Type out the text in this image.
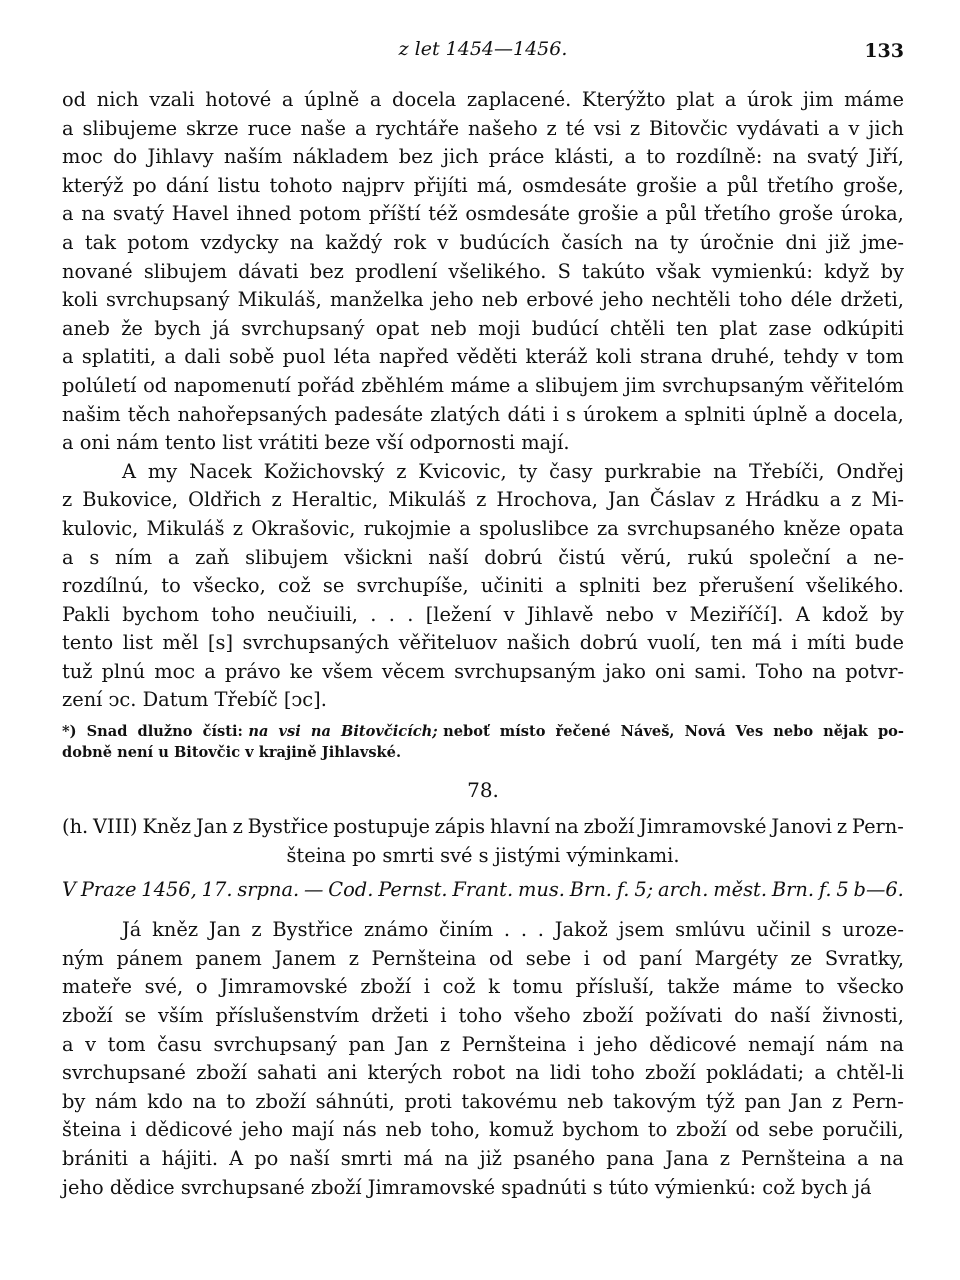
z let 1454—1456.	133
od nich vzali hotové a úplně a docela zaplacené. Kterýžto plat a úrok jim máme
a slibujeme skrze ruce naše a rychtáře našeho z té vsi z Bitovčic vydávati a v jich
moc do Jihlavy naším nákladem bez jich práce klásti, a to rozdílně: na svatý Jiří,
kterýž po dání listu tohoto najprv přijíti má, osmdesáte grošie a půl třetího groše,
a na svatý Havel ihned potom příští též osmdesáte grošie a půl třetího groše úroka,
a tak potom vzdycky na každý rok v budúcích časích na ty úročnie dni již jme-
nované slibujem dávati bez prodlení všelikého. S takúto však vymienkú: když by
koli svrchupsaný Mikuláš, manželka jeho neb erbové jeho nechtěli toho déle držeti,
aneb že bych já svrchupsaný opat neb moji budúcí chtěli ten plat zase odkúpiti
a splatiti, a dali sobě puol léta napřed věděti kteráž koli strana druhé, tehdy v tom
polúletí od napomenutí pořád zběhlém máme a slibujem jim svrchupsaným věřitelóm
našim těch nahořepsaných padesáte zlatých dáti i s úrokem a splniti úplně a docela,
a oni nám tento list vrátiti beze vší odpornosti mají.
A my Nacek Kožichovský z Kvicovic, ty časy purkrabie na Třebíči, Ondřej
z Bukovice, Oldřich z Heraltic, Mikuláš z Hrochova, Jan Čáslav z Hrádku a z Mi-
kulovic, Mikuláš z Okrašovic, rukojmie a spoluslibce za svrchupsaného kněze opata
a s ním a zaň slibujem všicknі naší dobrú čistú věrú, rukú společní a ne-
rozdílnú, to všecko, což se svrchupíše, učiniti a splniti bez přerušení všelikého.
Pakli bychom toho neučiuili, . . . [ležení v Jihlavě nebo v Meziříčí]. A kdož by
tento list měl [s] svrchupsaných věřiteluov našich dobrú vuolí, ten má i míti bude
tuž plnú moc a právo ke všem věcem svrchupsaným jako oni sami. Toho na potvr-
zení ͻc. Datum Třebíč [ͻc].
*) Snad dlužno čísti: na vsi na Bitovčicích; neboť místo řečené Náveš, Nová Ves nebo nějak po-
dobně není u Bitovčic v krajině Jihlavské.
78.
(h. VIII) Kněz Jan z Bystřice postupuje zápis hlavní na zboží Jimramovské Janovi z Pern-
šteina po smrti své s jistými výminkami.
V Praze 1456, 17. srpna. — Cod. Pernst. Frant. mus. Brn. f. 5; arch. měst. Brn. f. 5 b—6.
Já kněz Jan z Bystřice známo činím . . . Jakož jsem smlúvu učinil s urozе-
ným pánem panem Janem z Pernšteina od sebe i od paní Margéty ze Svratky,
mateře své, o Jimramovské zboží i což k tomu přísluší, takže máme to všecko
zboží se vším příslušenstvím držeti i tohо všeho zboží požívati do naší živnosti,
a v tom času svrchupsaný pan Jan z Pernšteina i jeho dědicové nemají nám na
svrchupsané zboží sahati ani kterých robot na lidi toho zboží pokládati; a chtěl-li
by nám kdo na to zboží sáhnúti, proti takovému neb takovým týž pan Jan z Pern-
šteina i dědicové jeho mají nás neb toho, komuž bychom to zboží od sebe poručili,
brániti a hájiti. A po naší smrti má na již psaného pana Jana z Pernšteina a na
jeho dědice svrchupsané zboží Jimramovské spadnúti s túto výmienkú: což bych já
